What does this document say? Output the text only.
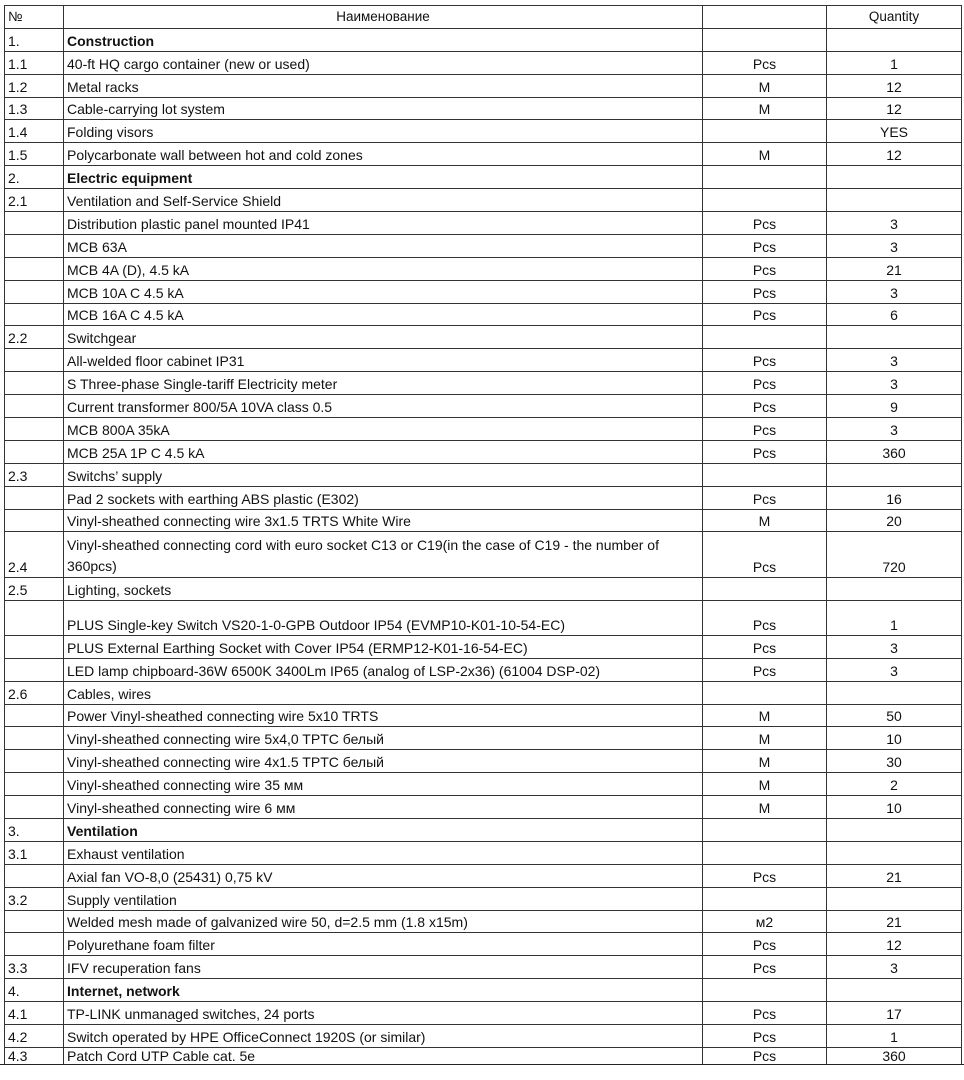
№	Наименование		Quantity
1.	Construction		
1.1	40-ft HQ cargo container (new or used)	Pcs	1
1.2	Metal racks	M	12
1.3	Cable-carrying lot system	M	12
1.4	Folding visors		YES
1.5	Polycarbonate wall between hot and cold zones	M	12
2.	Electric equipment		
2.1	Ventilation and Self-Service Shield		
	Distribution plastic panel mounted IP41	Pcs	3
	MCB 63A	Pcs	3
	MCB 4A (D), 4.5 kA	Pcs	21
	MCB 10A C 4.5 kA	Pcs	3
	MCB 16A C 4.5 kA	Pcs	6
2.2	Switchgear		
	All-welded floor cabinet IP31	Pcs	3
	S Three-phase Single-tariff Electricity meter	Pcs	3
	Current transformer 800/5A 10VA class 0.5	Pcs	9
	MCB 800A 35kA	Pcs	3
	MCB 25A 1P C 4.5 kA	Pcs	360
2.3	Switchs’ supply		
	Pad 2 sockets with earthing ABS plastic (E302)	Pcs	16
	Vinyl-sheathed connecting wire 3x1.5 TRTS White Wire	M	20
2.4	Vinyl-sheathed connecting cord with euro socket C13 or C19(in the case of C19 - the number of 360pcs)	Pcs	720
2.5	Lighting, sockets		
	PLUS Single-key Switch VS20-1-0-GPB Outdoor IP54 (EVMP10-K01-10-54-EC)	Pcs	1
	PLUS External Earthing Socket with Cover IP54 (ERMP12-K01-16-54-EC)	Pcs	3
	LED lamp chipboard-36W 6500K 3400Lm IP65 (analog of LSP-2x36) (61004 DSP-02)	Pcs	3
2.6	Cables, wires		
	Power Vinyl-sheathed connecting wire 5x10 TRTS	M	50
	Vinyl-sheathed connecting wire 5x4,0 TPTC белый	M	10
	Vinyl-sheathed connecting wire 4x1.5 TPTC белый	M	30
	Vinyl-sheathed connecting wire 35 мм	M	2
	Vinyl-sheathed connecting wire 6 мм	M	10
3.	Ventilation		
3.1	Exhaust ventilation		
	Axial fan VO-8,0 (25431) 0,75 kV	Pcs	21
3.2	Supply ventilation		
	Welded mesh made of galvanized wire 50, d=2.5 mm (1.8 x15m)	м2	21
	Polyurethane foam filter	Pcs	12
3.3	IFV recuperation fans	Pcs	3
4.	Internet, network		
4.1	TP-LINK unmanaged switches, 24 ports	Pcs	17
4.2	Switch operated by HPE OfficeConnect 1920S (or similar)	Pcs	1
4.3	Patch Cord UTP Cable cat. 5e	Pcs	360
